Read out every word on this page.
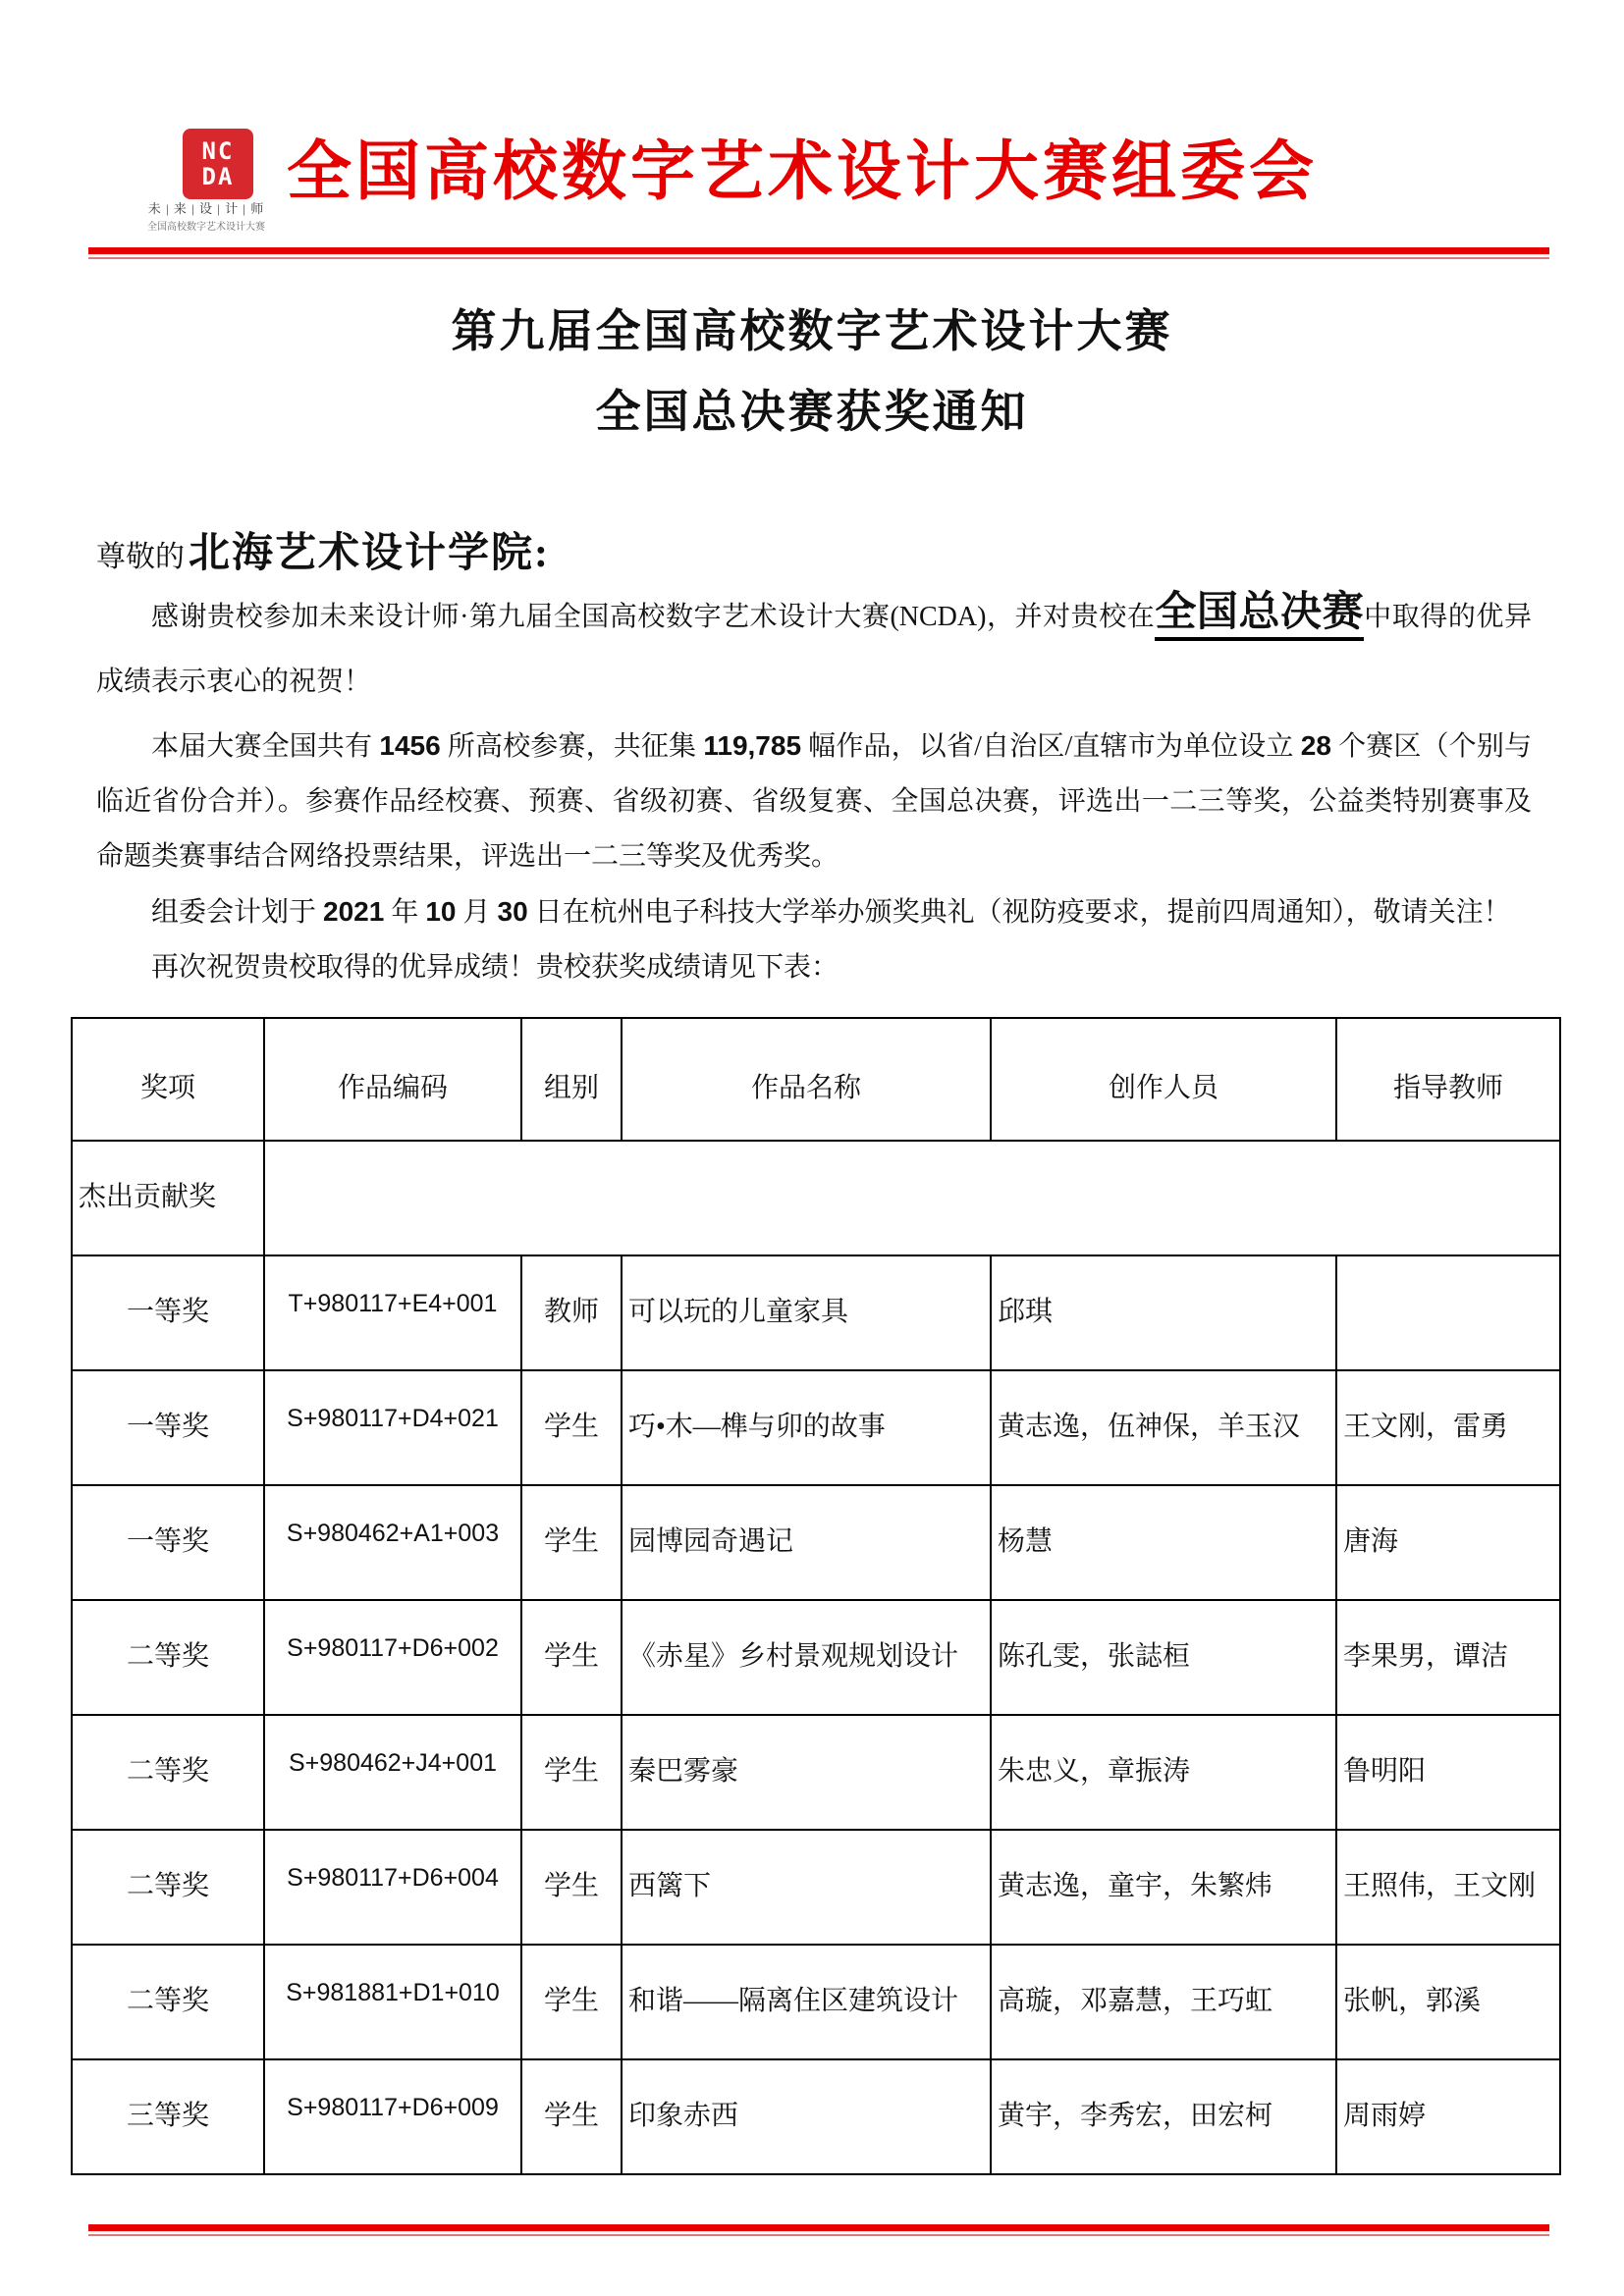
NC
DA
未 | 来 | 设 | 计 | 师
全国高校数字艺术设计大赛
全国高校数字艺术设计大赛组委会
第九届全国高校数字艺术设计大赛
全国总决赛获奖通知
尊敬的北海艺术设计学院:

感谢贵校参加未来设计师·第九届全国高校数字艺术设计大赛(NCDA)，并对贵校在全国总决赛中取得的优异成绩表示衷心的祝贺！

本届大赛全国共有 1456 所高校参赛，共征集 119,785 幅作品，以省/自治区/直辖市为单位设立 28 个赛区（个别与临近省份合并）。参赛作品经校赛、预赛、省级初赛、省级复赛、全国总决赛，评选出一二三等奖，公益类特别赛事及命题类赛事结合网络投票结果，评选出一二三等奖及优秀奖。

组委会计划于 2021 年 10 月 30 日在杭州电子科技大学举办颁奖典礼（视防疫要求，提前四周通知），敬请关注！

再次祝贺贵校取得的优异成绩！贵校获奖成绩请见下表：

奖项	作品编码	组别	作品名称	创作人员	指导教师
杰出贡献奖					
一等奖	T+980117+E4+001	教师	可以玩的儿童家具	邱琪	
一等奖	S+980117+D4+021	学生	巧•木—榫与卯的故事	黄志逸，伍神保，羊玉汉	王文刚，雷勇
一等奖	S+980462+A1+003	学生	园博园奇遇记	杨慧	唐海
二等奖	S+980117+D6+002	学生	《赤星》乡村景观规划设计	陈孔雯，张誌桓	李果男，谭洁
二等奖	S+980462+J4+001	学生	秦巴雾豪	朱忠义，章振涛	鲁明阳
二等奖	S+980117+D6+004	学生	西篱下	黄志逸，童宇，朱繁炜	王照伟，王文刚
二等奖	S+981881+D1+010	学生	和谐——隔离住区建筑设计	高璇，邓嘉慧，王巧虹	张帆，郭溪
三等奖	S+980117+D6+009	学生	印象赤西	黄宇，李秀宏，田宏柯	周雨婷
